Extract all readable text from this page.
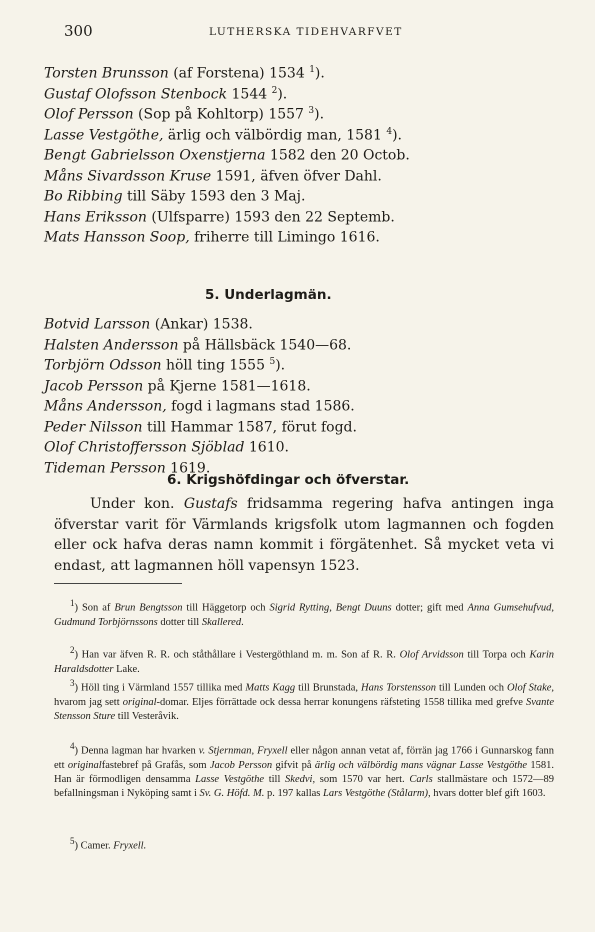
300	LUTHERSKA TIDEHVARFVET
Torsten Brunsson (af Forstena) 1534 $^1$).
Gustaf Olofsson Stenbock 1544 $^2$).
Olof Persson (Sop på Kohltorp) 1557 $^3$).
Lasse Vestgöthe, ärlig och välbördig man, 1581 $^4$).
Bengt Gabrielsson Oxenstjerna 1582 den 20 Octob.
Måns Sivardsson Kruse 1591, äfven öfver Dahl.
Bo Ribbing till Säby 1593 den 3 Maj.
Hans Eriksson (Ulfsparre) 1593 den 22 Septemb.
Mats Hansson Soop, friherre till Limingo 1616.
5. Underlagmän.
Botvid Larsson (Ankar) 1538.
Halsten Andersson på Hällsbäck 1540—68.
Torbjörn Odsson höll ting 1555 $^5$).
Jacob Persson på Kjerne 1581—1618.
Måns Andersson, fogd i lagmans stad 1586.
Peder Nilsson till Hammar 1587, förut fogd.
Olof Christoffersson Sjöblad 1610.
Tideman Persson 1619.
6. Krigshöfdingar och öfverstar.
Under kon. Gustafs fridsamma regering hafva antingen inga öfverstar varit för Värmlands krigsfolk utom lagmannen och fogden eller ock hafva deras namn kommit i förgätenhet. Så mycket veta vi endast, att lagmannen höll vapensyn 1523.
$^1$) Son af Brun Bengtsson till Häggetorp och Sigrid Rytting, Bengt Duuns dotter; gift med Anna Gumsehufvud, Gudmund Torbjörnssons dotter till Skallered.
$^2$) Han var äfven R. R. och ståthållare i Vestergöthland m. m. Son af R. R. Olof Arvidsson till Torpa och Karin Haraldsdotter Lake.
$^3$) Höll ting i Värmland 1557 tillika med Matts Kagg till Brunstada, Hans Torstensson till Lunden och Olof Stake, hvarom jag sett original-domar. Eljes förrättade ock dessa herrar konungens räfsteting 1558 tillika med grefve Svante Stensson Sture till Vesteråvik.
$^4$) Denna lagman har hvarken v. Stjernman, Fryxell eller någon annan vetat af, förrän jag 1766 i Gunnarskog fann ett originalfastebref på Grafås, som Jacob Persson gifvit på ärlig och välbördig mans vägnar Lasse Vestgöthe 1581. Han är förmodligen densamma Lasse Vestgöthe till Skedvi, som 1570 var hert. Carls stallmästare och 1572—89 befallningsman i Nyköping samt i Sv. G. Höfd. M. p. 197 kallas Lars Vestgöthe (Stålarm), hvars dotter blef gift 1603.
$^5$) Camer. Fryxell.
